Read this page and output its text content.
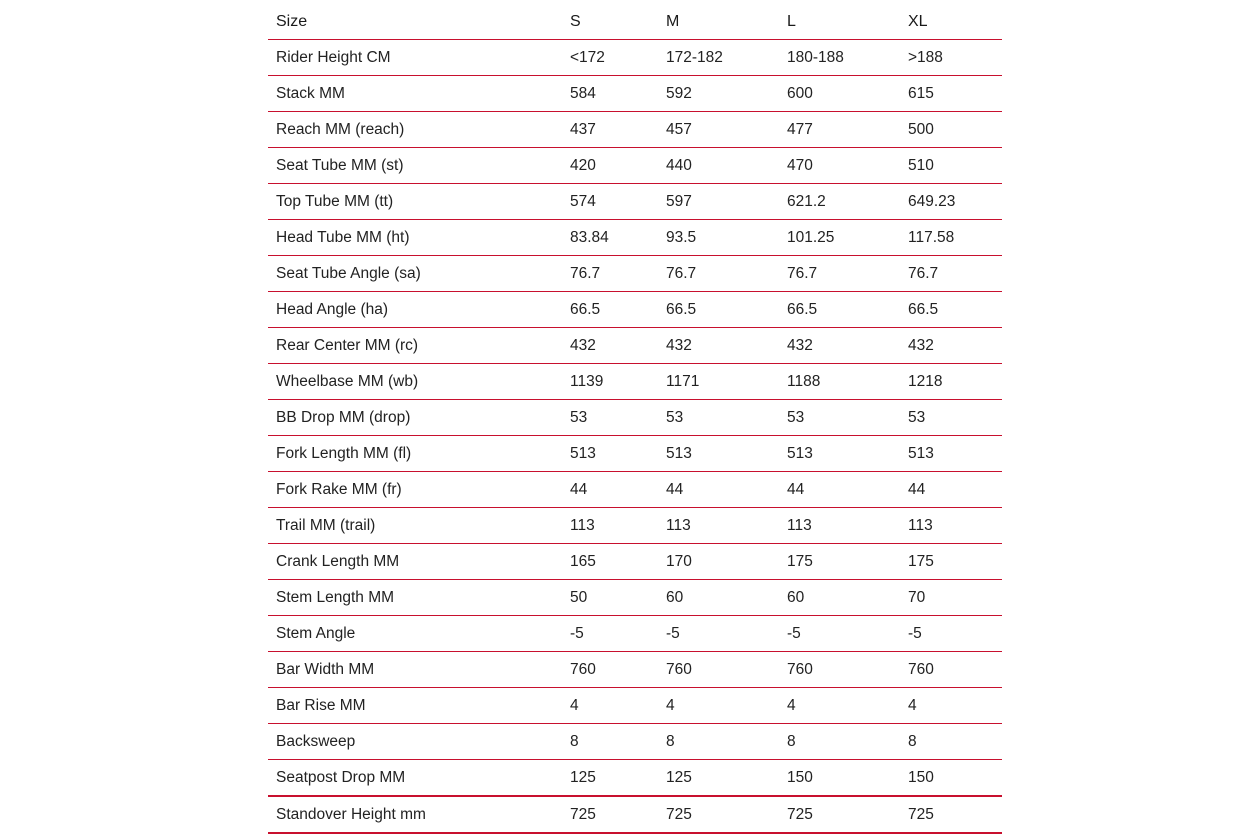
Size	S	M	L	XL
Rider Height CM	<172	172-182	180-188	>188
Stack MM	584	592	600	615
Reach MM (reach)	437	457	477	500
Seat Tube MM (st)	420	440	470	510
Top Tube MM (tt)	574	597	621.2	649.23
Head Tube MM (ht)	83.84	93.5	101.25	117.58
Seat Tube Angle (sa)	76.7	76.7	76.7	76.7
Head Angle (ha)	66.5	66.5	66.5	66.5
Rear Center MM (rc)	432	432	432	432
Wheelbase MM (wb)	1139	1171	1188	1218
BB Drop MM (drop)	53	53	53	53
Fork Length MM (fl)	513	513	513	513
Fork Rake MM (fr)	44	44	44	44
Trail MM (trail)	113	113	113	113
Crank Length MM	165	170	175	175
Stem Length MM	50	60	60	70
Stem Angle	-5	-5	-5	-5
Bar Width MM	760	760	760	760
Bar Rise MM	4	4	4	4
Backsweep	8	8	8	8
Seatpost Drop MM	125	125	150	150
Standover Height mm	725	725	725	725
